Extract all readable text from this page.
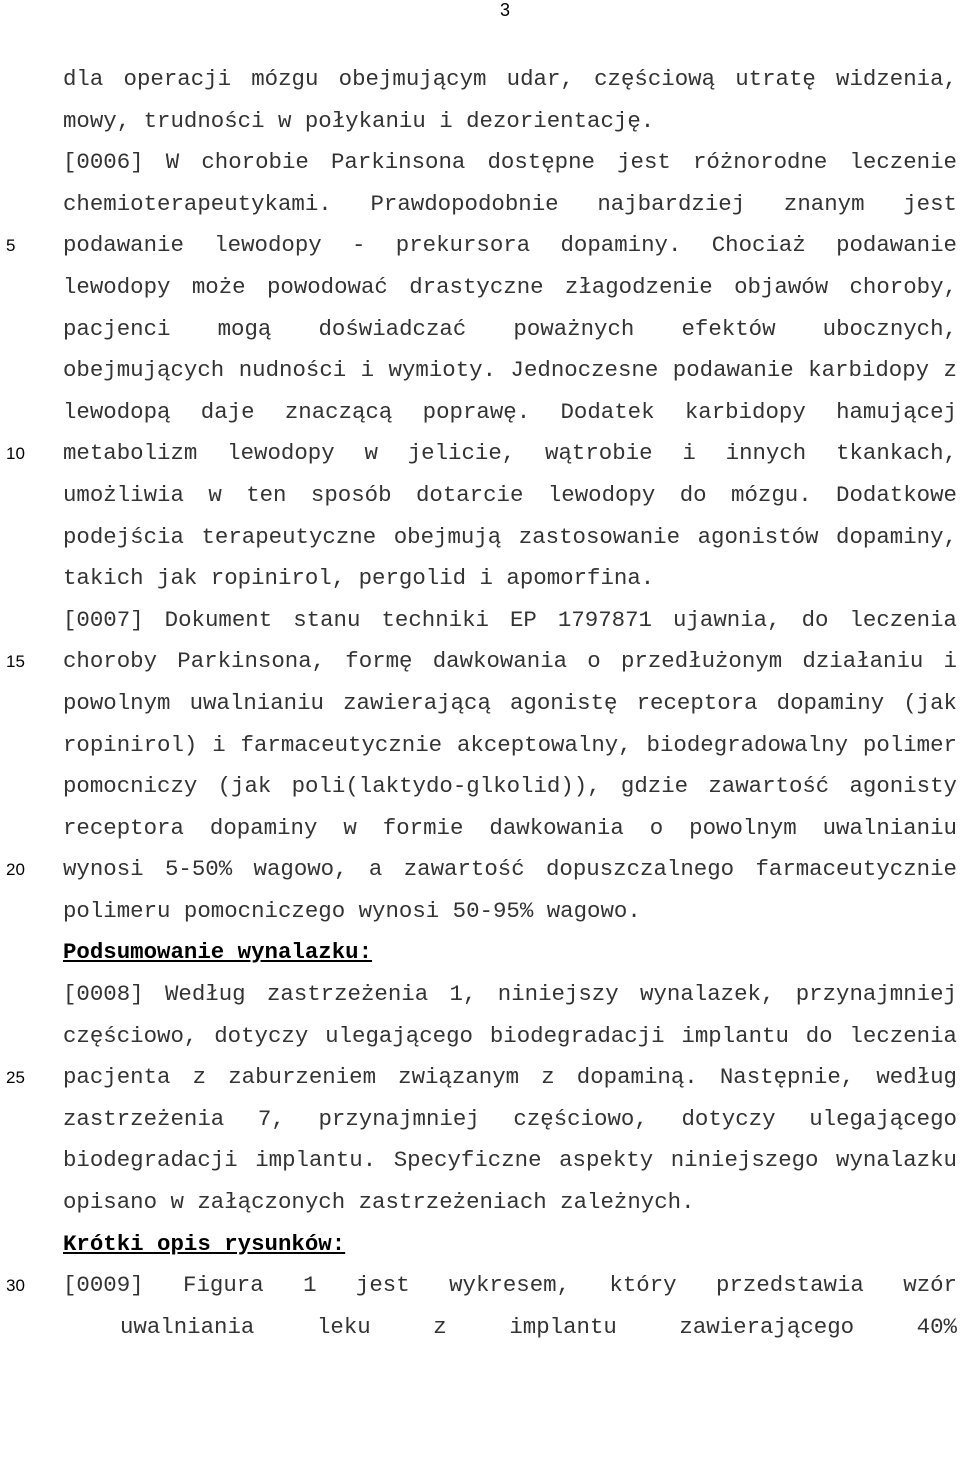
3
5
10
15
20
25
30

dla operacji mózgu obejmującym udar, częściową utratę widzenia, mowy, trudności w połykaniu i dezorientację.

[0006] W chorobie Parkinsona dostępne jest różnorodne leczenie chemioterapeutykami. Prawdopodobnie najbardziej znanym jest podawanie lewodopy - prekursora dopaminy. Chociaż podawanie lewodopy może powodować drastyczne złagodzenie objawów choroby, pacjenci mogą doświadczać poważnych efektów ubocznych, obejmujących nudności i wymioty. Jednoczesne podawanie karbidopy z lewodopą daje znaczącą poprawę. Dodatek karbidopy hamującej metabolizm lewodopy w jelicie, wątrobie i innych tkankach, umożliwia w ten sposób dotarcie lewodopy do mózgu. Dodatkowe podejścia terapeutyczne obejmują zastosowanie agonistów dopaminy, takich jak ropinirol, pergolid i apomorfina.

[0007] Dokument stanu techniki EP 1797871 ujawnia, do leczenia choroby Parkinsona, formę dawkowania o przedłużonym działaniu i powolnym uwalnianiu zawierającą agonistę receptora dopaminy (jak ropinirol) i farmaceutycznie akceptowalny, biodegradowalny polimer pomocniczy (jak poli(laktydo-glkolid)), gdzie zawartość agonisty receptora dopaminy w formie dawkowania o powolnym uwalnianiu wynosi 5-50% wagowo, a zawartość dopuszczalnego farmaceutycznie polimeru pomocniczego wynosi 50-95% wagowo.

Podsumowanie wynalazku:

[0008] Według zastrzeżenia 1, niniejszy wynalazek, przynajmniej częściowo, dotyczy ulegającego biodegradacji implantu do leczenia pacjenta z zaburzeniem związanym z dopaminą. Następnie, według zastrzeżenia 7, przynajmniej częściowo, dotyczy ulegającego biodegradacji implantu. Specyficzne aspekty niniejszego wynalazku opisano w załączonych zastrzeżeniach zależnych.

Krótki opis rysunków:

[0009] Figura 1 jest wykresem, który przedstawia wzór
uwalniania leku z implantu zawierającego 40%
